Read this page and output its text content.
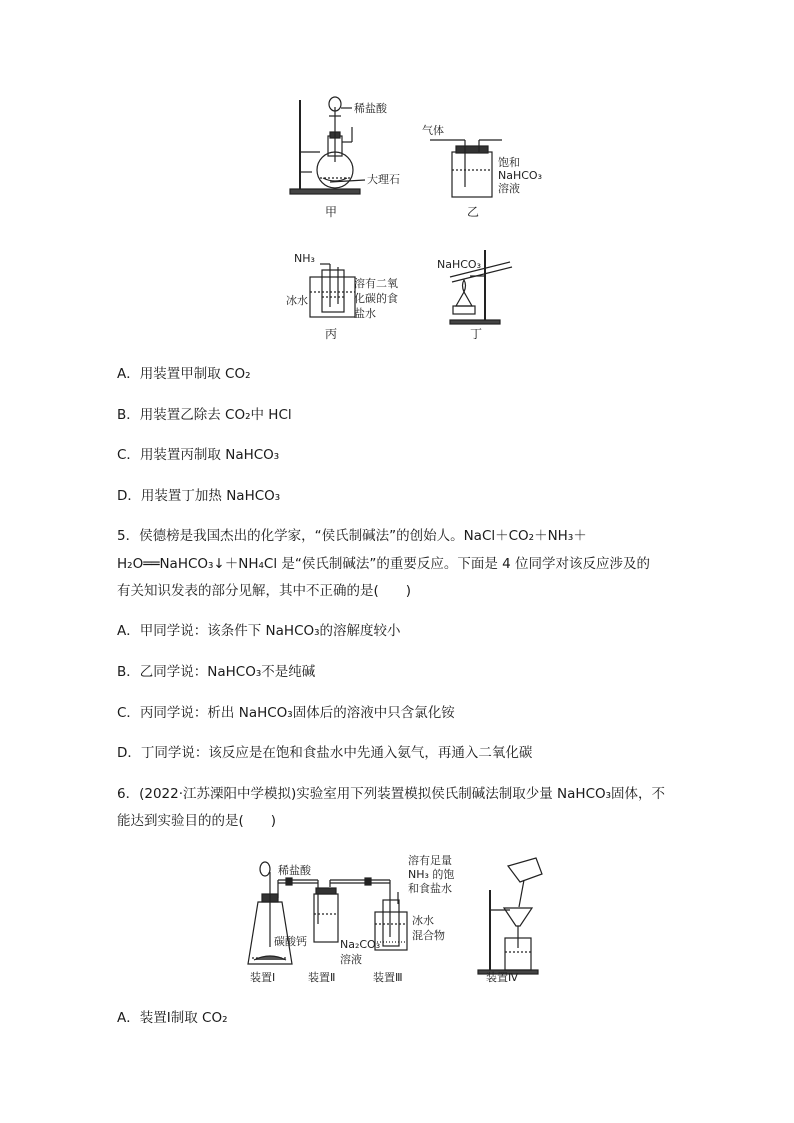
稀盐酸
大理石
甲
气体
饱和
NaHCO₃
溶液
乙
NH₃
冰水
溶有二氧
化碳的食
盐水
丙
NaHCO₃
丁
A．用装置甲制取 CO₂
B．用装置乙除去 CO₂中 HCl
C．用装置丙制取 NaHCO₃
D．用装置丁加热 NaHCO₃
5．侯德榜是我国杰出的化学家，“侯氏制碱法”的创始人。NaCl＋CO₂＋NH₃＋
H₂O══NaHCO₃↓＋NH₄Cl 是“侯氏制碱法”的重要反应。下面是 4 位同学对该反应涉及的
有关知识发表的部分见解，其中不正确的是(　　)
A．甲同学说：该条件下 NaHCO₃的溶解度较小
B．乙同学说：NaHCO₃不是纯碱
C．丙同学说：析出 NaHCO₃固体后的溶液中只含氯化铵
D．丁同学说：该反应是在饱和食盐水中先通入氨气，再通入二氧化碳
6．(2022·江苏溧阳中学模拟)实验室用下列装置模拟侯氏制碱法制取少量 NaHCO₃固体，不
能达到实验目的的是(　　)
稀盐酸
碳酸钙	Na₂CO₃
溶液
溶有足量
NH₃ 的饱
和食盐水
冰水
混合物
装置Ⅰ	装置Ⅱ	装置Ⅲ	装置Ⅳ
A．装置Ⅰ制取 CO₂
